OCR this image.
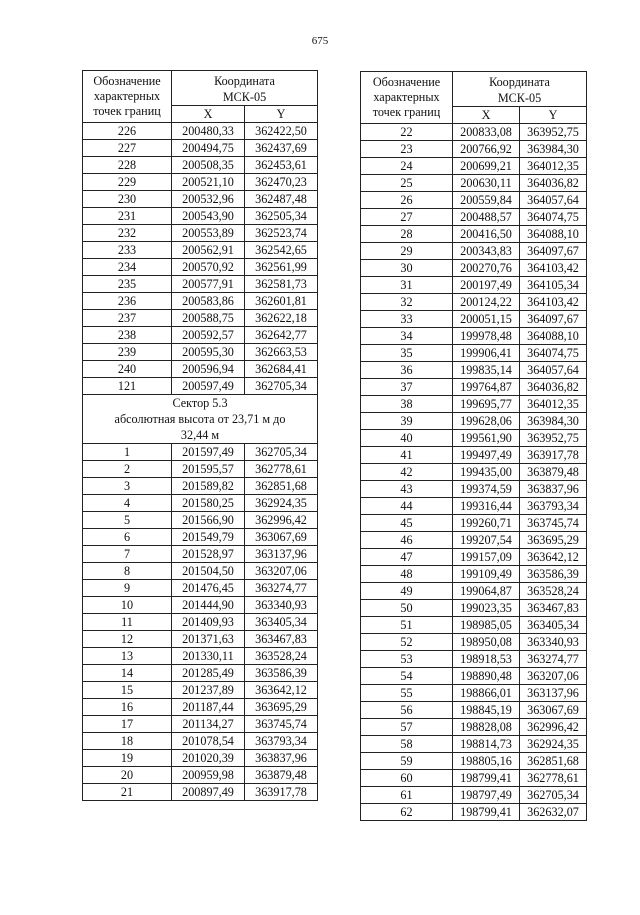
675
Обозначение
характерных
точек границ	Координата	
	МСК-05	
	X	Y
226	200480,33	362422,50
227	200494,75	362437,69
228	200508,35	362453,61
229	200521,10	362470,23
230	200532,96	362487,48
231	200543,90	362505,34
232	200553,89	362523,74
233	200562,91	362542,65
234	200570,92	362561,99
235	200577,91	362581,73
236	200583,86	362601,81
237	200588,75	362622,18
238	200592,57	362642,77
239	200595,30	362663,53
240	200596,94	362684,41
121	200597,49	362705,34
Сектор 5.3
абсолютная высота от 23,71 м до
32,44 м		
1	201597,49	362705,34
2	201595,57	362778,61
3	201589,82	362851,68
4	201580,25	362924,35
5	201566,90	362996,42
6	201549,79	363067,69
7	201528,97	363137,96
8	201504,50	363207,06
9	201476,45	363274,77
10	201444,90	363340,93
11	201409,93	363405,34
12	201371,63	363467,83
13	201330,11	363528,24
14	201285,49	363586,39
15	201237,89	363642,12
16	201187,44	363695,29
17	201134,27	363745,74
18	201078,54	363793,34
19	201020,39	363837,96
20	200959,98	363879,48
21	200897,49	363917,78
Обозначение
характерных
точек границ	Координата	
	МСК-05	
	X	Y
22	200833,08	363952,75
23	200766,92	363984,30
24	200699,21	364012,35
25	200630,11	364036,82
26	200559,84	364057,64
27	200488,57	364074,75
28	200416,50	364088,10
29	200343,83	364097,67
30	200270,76	364103,42
31	200197,49	364105,34
32	200124,22	364103,42
33	200051,15	364097,67
34	199978,48	364088,10
35	199906,41	364074,75
36	199835,14	364057,64
37	199764,87	364036,82
38	199695,77	364012,35
39	199628,06	363984,30
40	199561,90	363952,75
41	199497,49	363917,78
42	199435,00	363879,48
43	199374,59	363837,96
44	199316,44	363793,34
45	199260,71	363745,74
46	199207,54	363695,29
47	199157,09	363642,12
48	199109,49	363586,39
49	199064,87	363528,24
50	199023,35	363467,83
51	198985,05	363405,34
52	198950,08	363340,93
53	198918,53	363274,77
54	198890,48	363207,06
55	198866,01	363137,96
56	198845,19	363067,69
57	198828,08	362996,42
58	198814,73	362924,35
59	198805,16	362851,68
60	198799,41	362778,61
61	198797,49	362705,34
62	198799,41	362632,07
